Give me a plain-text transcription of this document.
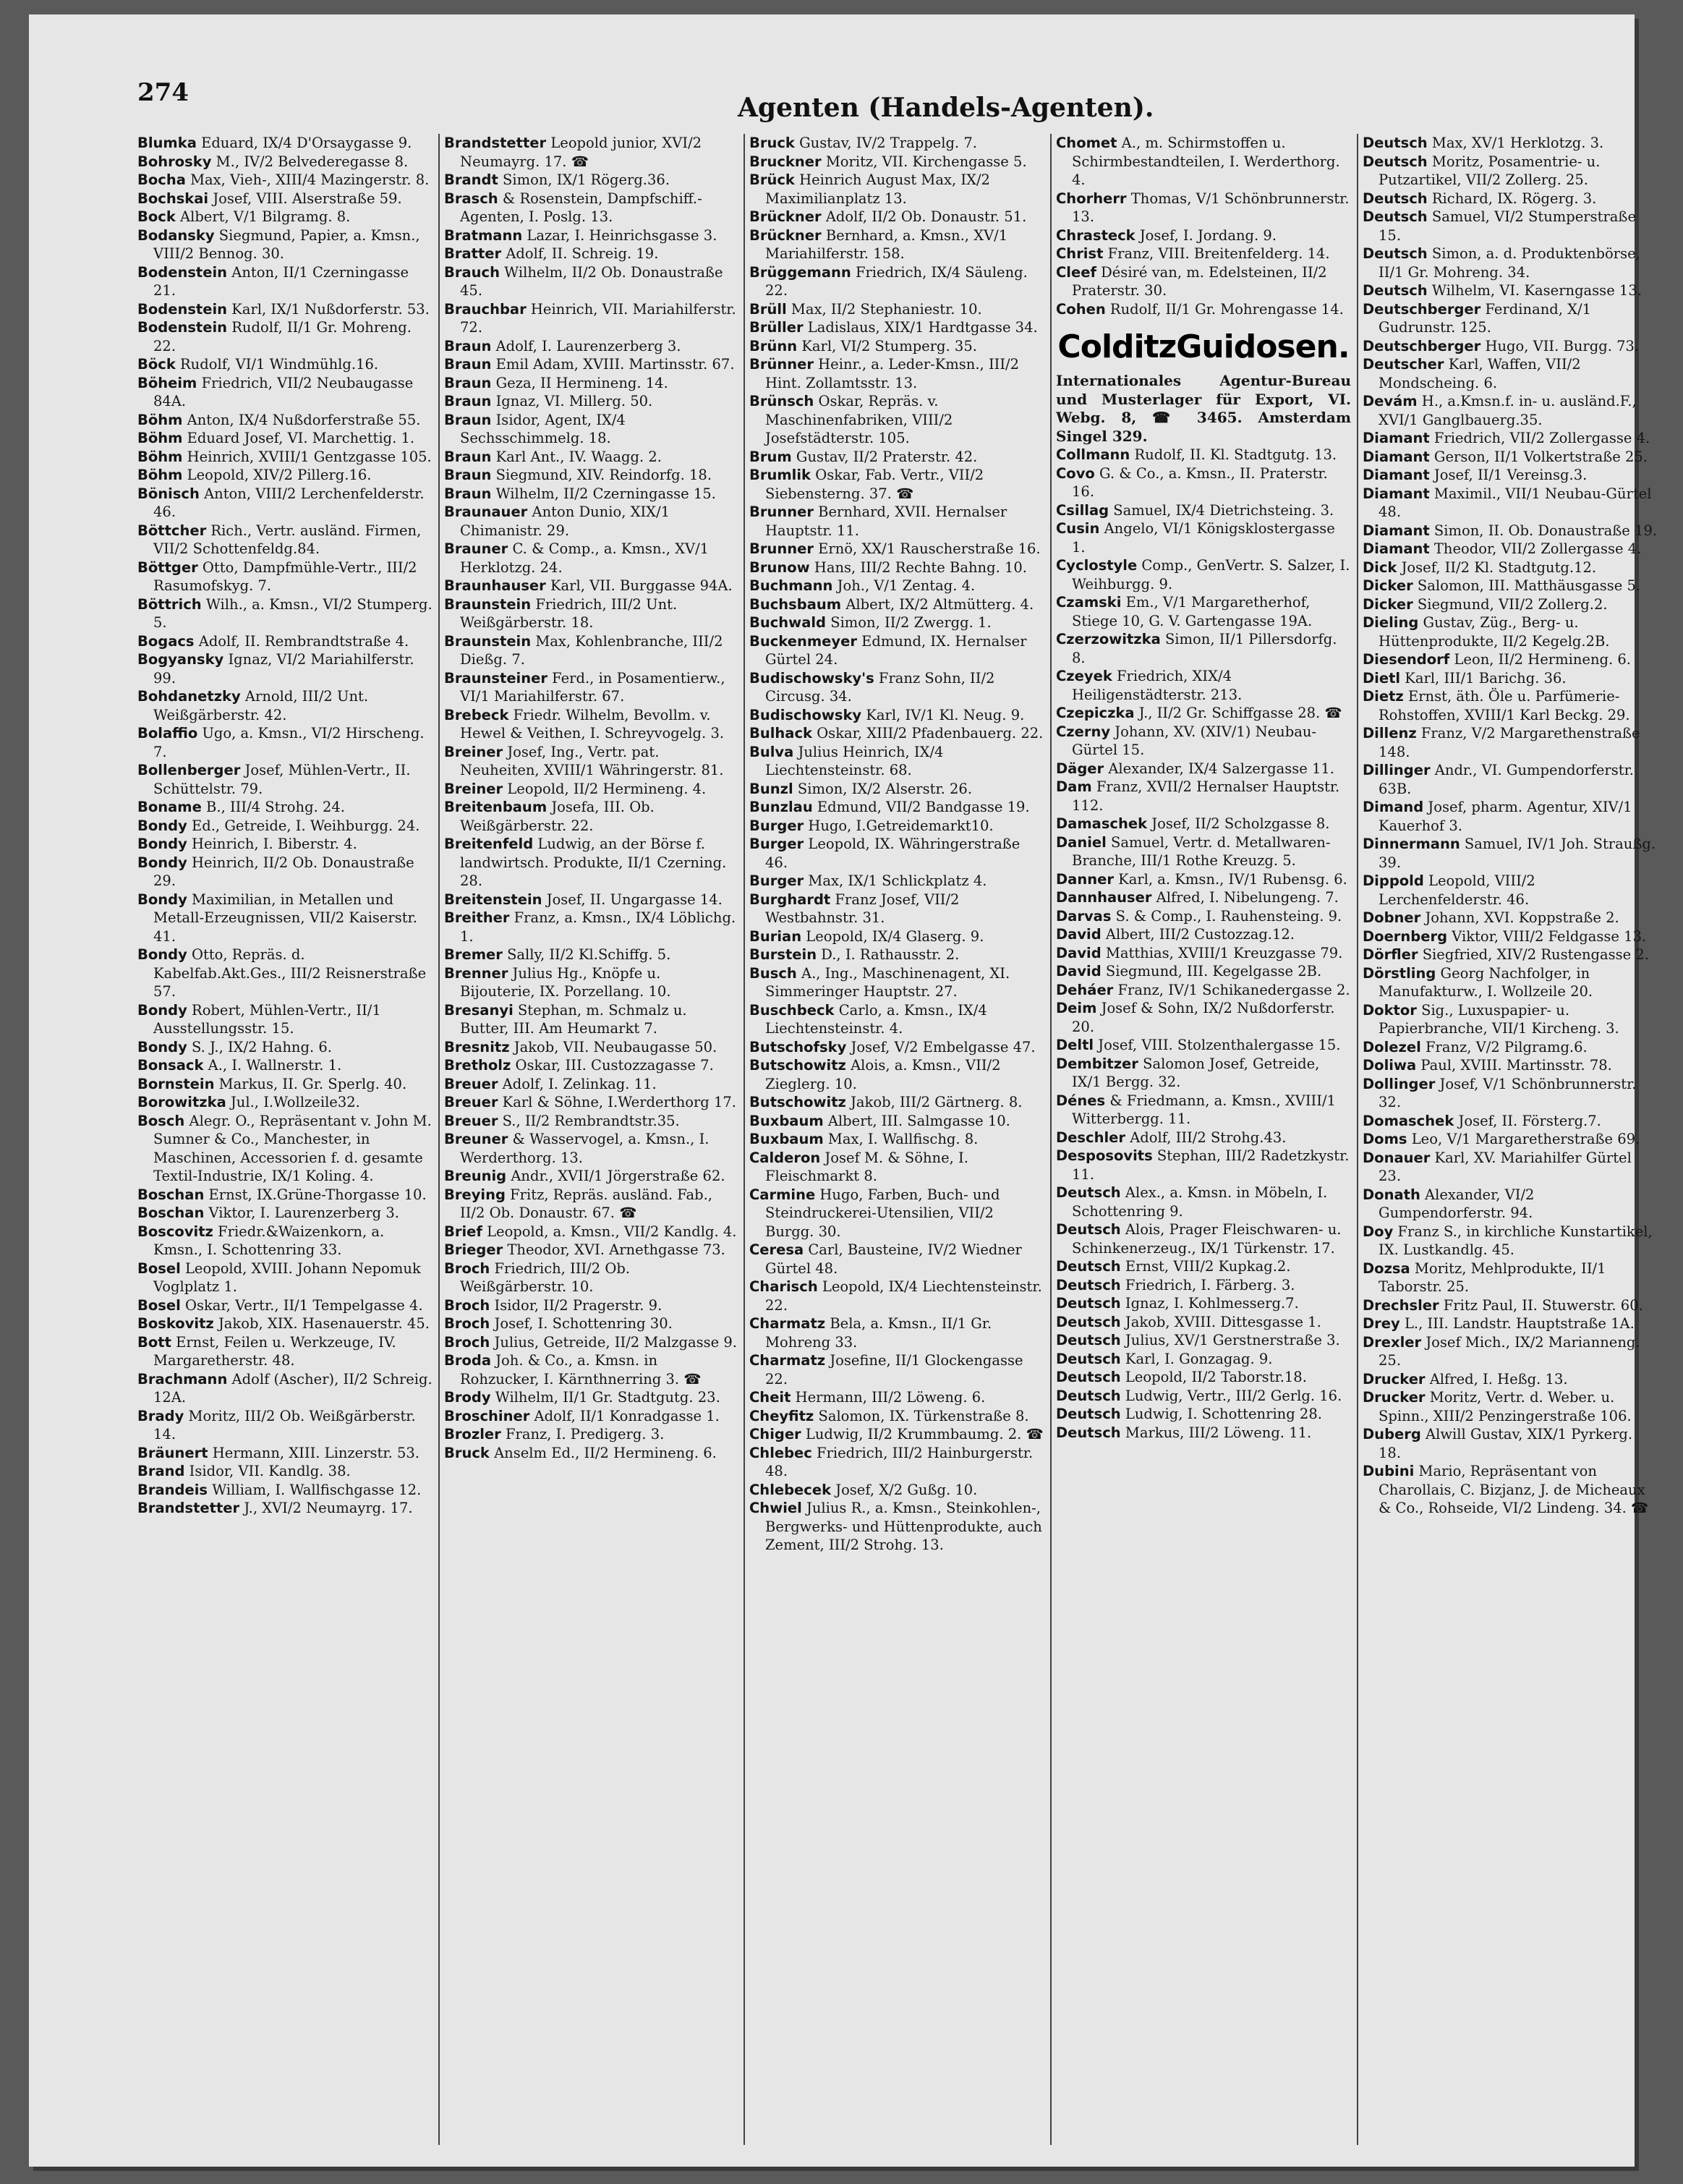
274	Agenten (Handels-Agenten).

Blumka Eduard, IX/4 D'Orsaygasse 9.

Bohrosky M., IV/2 Belvederegasse 8.

Bocha Max, Vieh-, XIII/4 Mazingerstr. 8.

Bochskai Josef, VIII. Alserstraße 59.

Bock Albert, V/1 Bilgramg. 8.

Bodansky Siegmund, Papier, a. Kmsn., VIII/2 Bennog. 30.

Bodenstein Anton, II/1 Czerningasse 21.

Bodenstein Karl, IX/1 Nußdorferstr. 53.

Bodenstein Rudolf, II/1 Gr. Mohreng. 22.

Böck Rudolf, VI/1 Windmühlg.16.

Böheim Friedrich, VII/2 Neubaugasse 84A.

Böhm Anton, IX/4 Nußdorferstraße 55.

Böhm Eduard Josef, VI. Marchettig. 1.

Böhm Heinrich, XVIII/1 Gentzgasse 105.

Böhm Leopold, XIV/2 Pillerg.16.

Bönisch Anton, VIII/2 Lerchenfelderstr. 46.

Böttcher Rich., Vertr. ausländ. Firmen, VII/2 Schottenfeldg.84.

Böttger Otto, Dampfmühle-Vertr., III/2 Rasumofskyg. 7.

Böttrich Wilh., a. Kmsn., VI/2 Stumperg. 5.

Bogacs Adolf, II. Rembrandtstraße 4.

Bogyansky Ignaz, VI/2 Mariahilferstr. 99.

Bohdanetzky Arnold, III/2 Unt. Weißgärberstr. 42.

Bolaffio Ugo, a. Kmsn., VI/2 Hirscheng. 7.

Bollenberger Josef, Mühlen-Vertr., II. Schüttelstr. 79.

Boname B., III/4 Strohg. 24.

Bondy Ed., Getreide, I. Weihburgg. 24.

Bondy Heinrich, I. Biberstr. 4.

Bondy Heinrich, II/2 Ob. Donaustraße 29.

Bondy Maximilian, in Metallen und Metall-Erzeugnissen, VII/2 Kaiserstr. 41.

Bondy Otto, Repräs. d. Kabelfab.Akt.Ges., III/2 Reisnerstraße 57.

Bondy Robert, Mühlen-Vertr., II/1 Ausstellungsstr. 15.

Bondy S. J., IX/2 Hahng. 6.

Bonsack A., I. Wallnerstr. 1.

Bornstein Markus, II. Gr. Sperlg. 40.

Borowitzka Jul., I.Wollzeile32.

Bosch Alegr. O., Repräsentant v. John M. Sumner & Co., Manchester, in Maschinen, Accessorien f. d. gesamte Textil-Industrie, IX/1 Koling. 4.

Boschan Ernst, IX.Grüne-Thorgasse 10.

Boschan Viktor, I. Laurenzerberg 3.

Boscovitz Friedr.&Waizenkorn, a. Kmsn., I. Schottenring 33.

Bosel Leopold, XVIII. Johann Nepomuk Voglplatz 1.

Bosel Oskar, Vertr., II/1 Tempelgasse 4.

Boskovitz Jakob, XIX. Hasenauerstr. 45.

Bott Ernst, Feilen u. Werkzeuge, IV. Margaretherstr. 48.

Brachmann Adolf (Ascher), II/2 Schreig. 12A.

Brady Moritz, III/2 Ob. Weißgärberstr. 14.

Bräunert Hermann, XIII. Linzerstr. 53.

Brand Isidor, VII. Kandlg. 38.

Brandeis William, I. Wallfischgasse 12.

Brandstetter J., XVI/2 Neumayrg. 17.

Brandstetter Leopold junior, XVI/2 Neumayrg. 17. ☎

Brandt Simon, IX/1 Rögerg.36.

Brasch & Rosenstein, Dampfschiff.-Agenten, I. Poslg. 13.

Bratmann Lazar, I. Heinrichsgasse 3.

Bratter Adolf, II. Schreig. 19.

Brauch Wilhelm, II/2 Ob. Donaustraße 45.

Brauchbar Heinrich, VII. Mariahilferstr. 72.

Braun Adolf, I. Laurenzerberg 3.

Braun Emil Adam, XVIII. Martinsstr. 67.

Braun Geza, II Hermineng. 14.

Braun Ignaz, VI. Millerg. 50.

Braun Isidor, Agent, IX/4 Sechsschimmelg. 18.

Braun Karl Ant., IV. Waagg. 2.

Braun Siegmund, XIV. Reindorfg. 18.

Braun Wilhelm, II/2 Czerningasse 15.

Braunauer Anton Dunio, XIX/1 Chimanistr. 29.

Brauner C. & Comp., a. Kmsn., XV/1 Herklotzg. 24.

Braunhauser Karl, VII. Burggasse 94A.

Braunstein Friedrich, III/2 Unt. Weißgärberstr. 18.

Braunstein Max, Kohlenbranche, III/2 Dießg. 7.

Braunsteiner Ferd., in Posamentierw., VI/1 Mariahilferstr. 67.

Brebeck Friedr. Wilhelm, Bevollm. v. Hewel & Veithen, I. Schreyvogelg. 3.

Breiner Josef, Ing., Vertr. pat. Neuheiten, XVIII/1 Währingerstr. 81.

Breiner Leopold, II/2 Hermineng. 4.

Breitenbaum Josefa, III. Ob. Weißgärberstr. 22.

Breitenfeld Ludwig, an der Börse f. landwirtsch. Produkte, II/1 Czerning. 28.

Breitenstein Josef, II. Ungargasse 14.

Breither Franz, a. Kmsn., IX/4 Löblichg. 1.

Bremer Sally, II/2 Kl.Schiffg. 5.

Brenner Julius Hg., Knöpfe u. Bijouterie, IX. Porzellang. 10.

Bresanyi Stephan, m. Schmalz u. Butter, III. Am Heumarkt 7.

Bresnitz Jakob, VII. Neubaugasse 50.

Bretholz Oskar, III. Custozzagasse 7.

Breuer Adolf, I. Zelinkag. 11.

Breuer Karl & Söhne, I.Werderthorg 17.

Breuer S., II/2 Rembrandtstr.35.

Breuner & Wasservogel, a. Kmsn., I. Werderthorg. 13.

Breunig Andr., XVII/1 Jörgerstraße 62.

Breying Fritz, Repräs. ausländ. Fab., II/2 Ob. Donaustr. 67. ☎

Brief Leopold, a. Kmsn., VII/2 Kandlg. 4.

Brieger Theodor, XVI. Arnethgasse 73.

Broch Friedrich, III/2 Ob. Weißgärberstr. 10.

Broch Isidor, II/2 Pragerstr. 9.

Broch Josef, I. Schottenring 30.

Broch Julius, Getreide, II/2 Malzgasse 9.

Broda Joh. & Co., a. Kmsn. in Rohzucker, I. Kärnthnerring 3. ☎

Brody Wilhelm, II/1 Gr. Stadtgutg. 23.

Broschiner Adolf, II/1 Konradgasse 1.

Brozler Franz, I. Predigerg. 3.

Bruck Anselm Ed., II/2 Hermineng. 6.

Bruck Gustav, IV/2 Trappelg. 7.

Bruckner Moritz, VII. Kirchengasse 5.

Brück Heinrich August Max, IX/2 Maximilianplatz 13.

Brückner Adolf, II/2 Ob. Donaustr. 51.

Brückner Bernhard, a. Kmsn., XV/1 Mariahilferstr. 158.

Brüggemann Friedrich, IX/4 Säuleng. 22.

Brüll Max, II/2 Stephaniestr. 10.

Brüller Ladislaus, XIX/1 Hardtgasse 34.

Brünn Karl, VI/2 Stumperg. 35.

Brünner Heinr., a. Leder-Kmsn., III/2 Hint. Zollamtsstr. 13.

Brünsch Oskar, Repräs. v. Maschinenfabriken, VIII/2 Josefstädterstr. 105.

Brum Gustav, II/2 Praterstr. 42.

Brumlik Oskar, Fab. Vertr., VII/2 Siebensterng. 37. ☎

Brunner Bernhard, XVII. Hernalser Hauptstr. 11.

Brunner Ernö, XX/1 Rauscherstraße 16.

Brunow Hans, III/2 Rechte Bahng. 10.

Buchmann Joh., V/1 Zentag. 4.

Buchsbaum Albert, IX/2 Altmütterg. 4.

Buchwald Simon, II/2 Zwergg. 1.

Buckenmeyer Edmund, IX. Hernalser Gürtel 24.

Budischowsky's Franz Sohn, II/2 Circusg. 34.

Budischowsky Karl, IV/1 Kl. Neug. 9.

Bulhack Oskar, XIII/2 Pfadenbauerg. 22.

Bulva Julius Heinrich, IX/4 Liechtensteinstr. 68.

Bunzl Simon, IX/2 Alserstr. 26.

Bunzlau Edmund, VII/2 Bandgasse 19.

Burger Hugo, I.Getreidemarkt10.

Burger Leopold, IX. Währingerstraße 46.

Burger Max, IX/1 Schlickplatz 4.

Burghardt Franz Josef, VII/2 Westbahnstr. 31.

Burian Leopold, IX/4 Glaserg. 9.

Burstein D., I. Rathausstr. 2.

Busch A., Ing., Maschinenagent, XI. Simmeringer Hauptstr. 27.

Buschbeck Carlo, a. Kmsn., IX/4 Liechtensteinstr. 4.

Butschofsky Josef, V/2 Embelgasse 47.

Butschowitz Alois, a. Kmsn., VII/2 Zieglerg. 10.

Butschowitz Jakob, III/2 Gärtnerg. 8.

Buxbaum Albert, III. Salmgasse 10.

Buxbaum Max, I. Wallfischg. 8.

Calderon Josef M. & Söhne, I. Fleischmarkt 8.

Carmine Hugo, Farben, Buch- und Steindruckerei-Utensilien, VII/2 Burgg. 30.

Ceresa Carl, Bausteine, IV/2 Wiedner Gürtel 48.

Charisch Leopold, IX/4 Liechtensteinstr. 22.

Charmatz Bela, a. Kmsn., II/1 Gr. Mohreng 33.

Charmatz Josefine, II/1 Glockengasse 22.

Cheit Hermann, III/2 Löweng. 6.

Cheyfitz Salomon, IX. Türkenstraße 8.

Chiger Ludwig, II/2 Krummbaumg. 2. ☎

Chlebec Friedrich, III/2 Hainburgerstr. 48.

Chlebecek Josef, X/2 Gußg. 10.

Chwiel Julius R., a. Kmsn., Steinkohlen-, Bergwerks- und Hüttenprodukte, auch Zement, III/2 Strohg. 13.

Chomet A., m. Schirmstoffen u. Schirmbestandteilen, I. Werderthorg. 4.

Chorherr Thomas, V/1 Schönbrunnerstr. 13.

Chrasteck Josef, I. Jordang. 9.

Christ Franz, VIII. Breitenfelderg. 14.

Cleef Désiré van, m. Edelsteinen, II/2 Praterstr. 30.

Cohen Rudolf, II/1 Gr. Mohrengasse 14.

ColditzGuidosen.

Internationales Agentur-Bureau und Musterlager für Export, VI. Webg. 8, ☎ 3465. Amsterdam Singel 329.

Collmann Rudolf, II. Kl. Stadtgutg. 13.

Covo G. & Co., a. Kmsn., II. Praterstr. 16.

Csillag Samuel, IX/4 Dietrichsteing. 3.

Cusin Angelo, VI/1 Königsklostergasse 1.

Cyclostyle Comp., GenVertr. S. Salzer, I. Weihburgg. 9.

Czamski Em., V/1 Margaretherhof, Stiege 10, G. V. Gartengasse 19A.

Czerzowitzka Simon, II/1 Pillersdorfg. 8.

Czeyek Friedrich, XIX/4 Heiligenstädterstr. 213.

Czepiczka J., II/2 Gr. Schiffgasse 28. ☎

Czerny Johann, XV. (XIV/1) Neubau-Gürtel 15.

Däger Alexander, IX/4 Salzergasse 11.

Dam Franz, XVII/2 Hernalser Hauptstr. 112.

Damaschek Josef, II/2 Scholzgasse 8.

Daniel Samuel, Vertr. d. Metallwaren-Branche, III/1 Rothe Kreuzg. 5.

Danner Karl, a. Kmsn., IV/1 Rubensg. 6.

Dannhauser Alfred, I. Nibelungeng. 7.

Darvas S. & Comp., I. Rauhensteing. 9.

David Albert, III/2 Custozzag.12.

David Matthias, XVIII/1 Kreuzgasse 79.

David Siegmund, III. Kegelgasse 2B.

Deháer Franz, IV/1 Schikanedergasse 2.

Deim Josef & Sohn, IX/2 Nußdorferstr. 20.

Deltl Josef, VIII. Stolzenthalergasse 15.

Dembitzer Salomon Josef, Getreide, IX/1 Bergg. 32.

Dénes & Friedmann, a. Kmsn., XVIII/1 Witterbergg. 11.

Deschler Adolf, III/2 Strohg.43.

Desposovits Stephan, III/2 Radetzkystr. 11.

Deutsch Alex., a. Kmsn. in Möbeln, I. Schottenring 9.

Deutsch Alois, Prager Fleischwaren- u. Schinkenerzeug., IX/1 Türkenstr. 17.

Deutsch Ernst, VIII/2 Kupkag.2.

Deutsch Friedrich, I. Färberg. 3.

Deutsch Ignaz, I. Kohlmesserg.7.

Deutsch Jakob, XVIII. Dittesgasse 1.

Deutsch Julius, XV/1 Gerstnerstraße 3.

Deutsch Karl, I. Gonzagag. 9.

Deutsch Leopold, II/2 Taborstr.18.

Deutsch Ludwig, Vertr., III/2 Gerlg. 16.

Deutsch Ludwig, I. Schottenring 28.

Deutsch Markus, III/2 Löweng. 11.

Deutsch Max, XV/1 Herklotzg. 3.

Deutsch Moritz, Posamentrie- u. Putzartikel, VII/2 Zollerg. 25.

Deutsch Richard, IX. Rögerg. 3.

Deutsch Samuel, VI/2 Stumperstraße 15.

Deutsch Simon, a. d. Produktenbörse, II/1 Gr. Mohreng. 34.

Deutsch Wilhelm, VI. Kaserngasse 13.

Deutschberger Ferdinand, X/1 Gudrunstr. 125.

Deutschberger Hugo, VII. Burgg. 73.

Deutscher Karl, Waffen, VII/2 Mondscheing. 6.

Devám H., a.Kmsn.f. in- u. ausländ.F., XVI/1 Ganglbauerg.35.

Diamant Friedrich, VII/2 Zollergasse 4.

Diamant Gerson, II/1 Volkertstraße 25.

Diamant Josef, II/1 Vereinsg.3.

Diamant Maximil., VII/1 Neubau-Gürtel 48.

Diamant Simon, II. Ob. Donaustraße 19.

Diamant Theodor, VII/2 Zollergasse 4.

Dick Josef, II/2 Kl. Stadtgutg.12.

Dicker Salomon, III. Matthäusgasse 5.

Dicker Siegmund, VII/2 Zollerg.2.

Dieling Gustav, Züg., Berg- u. Hüttenprodukte, II/2 Kegelg.2B.

Diesendorf Leon, II/2 Hermineng. 6.

Dietl Karl, III/1 Barichg. 36.

Dietz Ernst, äth. Öle u. Parfümerie-Rohstoffen, XVIII/1 Karl Beckg. 29.

Dillenz Franz, V/2 Margarethenstraße 148.

Dillinger Andr., VI. Gumpendorferstr. 63B.

Dimand Josef, pharm. Agentur, XIV/1 Kauerhof 3.

Dinnermann Samuel, IV/1 Joh. Straußg. 39.

Dippold Leopold, VIII/2 Lerchenfelderstr. 46.

Dobner Johann, XVI. Koppstraße 2.

Doernberg Viktor, VIII/2 Feldgasse 13.

Dörfler Siegfried, XIV/2 Rustengasse 2.

Dörstling Georg Nachfolger, in Manufakturw., I. Wollzeile 20.

Doktor Sig., Luxuspapier- u. Papierbranche, VII/1 Kircheng. 3.

Dolezel Franz, V/2 Pilgramg.6.

Doliwa Paul, XVIII. Martinsstr. 78.

Dollinger Josef, V/1 Schönbrunnerstr. 32.

Domaschek Josef, II. Försterg.7.

Doms Leo, V/1 Margaretherstraße 69.

Donauer Karl, XV. Mariahilfer Gürtel 23.

Donath Alexander, VI/2 Gumpendorferstr. 94.

Doy Franz S., in kirchliche Kunstartikel, IX. Lustkandlg. 45.

Dozsa Moritz, Mehlprodukte, II/1 Taborstr. 25.

Drechsler Fritz Paul, II. Stuwerstr. 60.

Drey L., III. Landstr. Hauptstraße 1A.

Drexler Josef Mich., IX/2 Marianneng. 25.

Drucker Alfred, I. Heßg. 13.

Drucker Moritz, Vertr. d. Weber. u. Spinn., XIII/2 Penzingerstraße 106.

Duberg Alwill Gustav, XIX/1 Pyrkerg. 18.

Dubini Mario, Repräsentant von Charollais, C. Bizjanz, J. de Micheaux & Co., Rohseide, VI/2 Lindeng. 34. ☎
